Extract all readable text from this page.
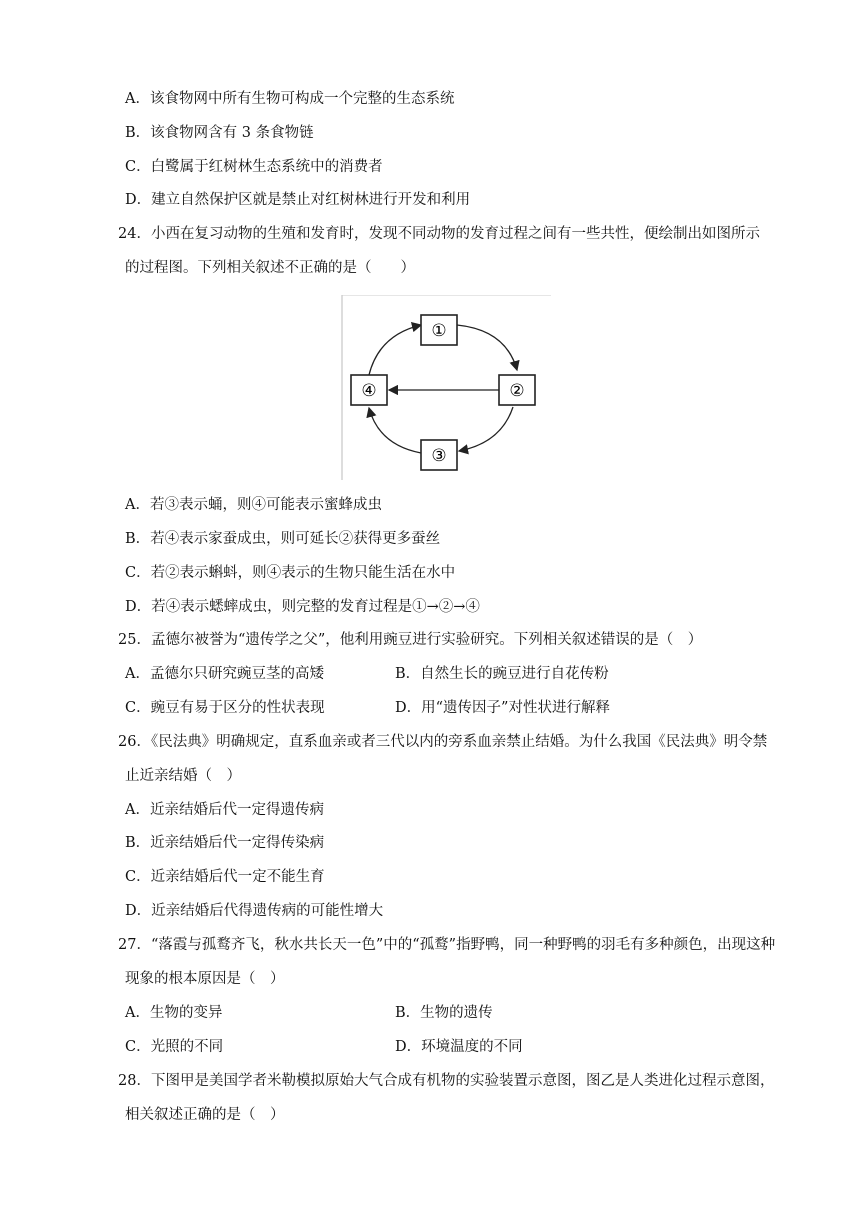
A．该食物网中所有生物可构成一个完整的生态系统
B．该食物网含有 3 条食物链
C．白鹭属于红树林生态系统中的消费者
D．建立自然保护区就是禁止对红树林进行开发和利用
24．小西在复习动物的生殖和发育时，发现不同动物的发育过程之间有一些共性，便绘制出如图所示
的过程图。下列相关叙述不正确的是（　　）
①
②
③
④
A．若③表示蛹，则④可能表示蜜蜂成虫
B．若④表示家蚕成虫，则可延长②获得更多蚕丝
C．若②表示蝌蚪，则④表示的生物只能生活在水中
D．若④表示蟋蟀成虫，则完整的发育过程是①→②→④
25．孟德尔被誉为“遗传学之父”，他利用豌豆进行实验研究。下列相关叙述错误的是（　）
A．孟德尔只研究豌豆茎的高矮	B．自然生长的豌豆进行自花传粉
C．豌豆有易于区分的性状表现	D．用“遗传因子”对性状进行解释
26．《民法典》明确规定，直系血亲或者三代以内的旁系血亲禁止结婚。为什么我国《民法典》明令禁
止近亲结婚（　）
A．近亲结婚后代一定得遗传病
B．近亲结婚后代一定得传染病
C．近亲结婚后代一定不能生育
D．近亲结婚后代得遗传病的可能性增大
27．“落霞与孤鹜齐飞，秋水共长天一色”中的“孤鹜”指野鸭，同一种野鸭的羽毛有多种颜色，出现这种
现象的根本原因是（　）
A．生物的变异	B．生物的遗传
C．光照的不同	D．环境温度的不同
28．下图甲是美国学者米勒模拟原始大气合成有机物的实验装置示意图，图乙是人类进化过程示意图，
相关叙述正确的是（　）
